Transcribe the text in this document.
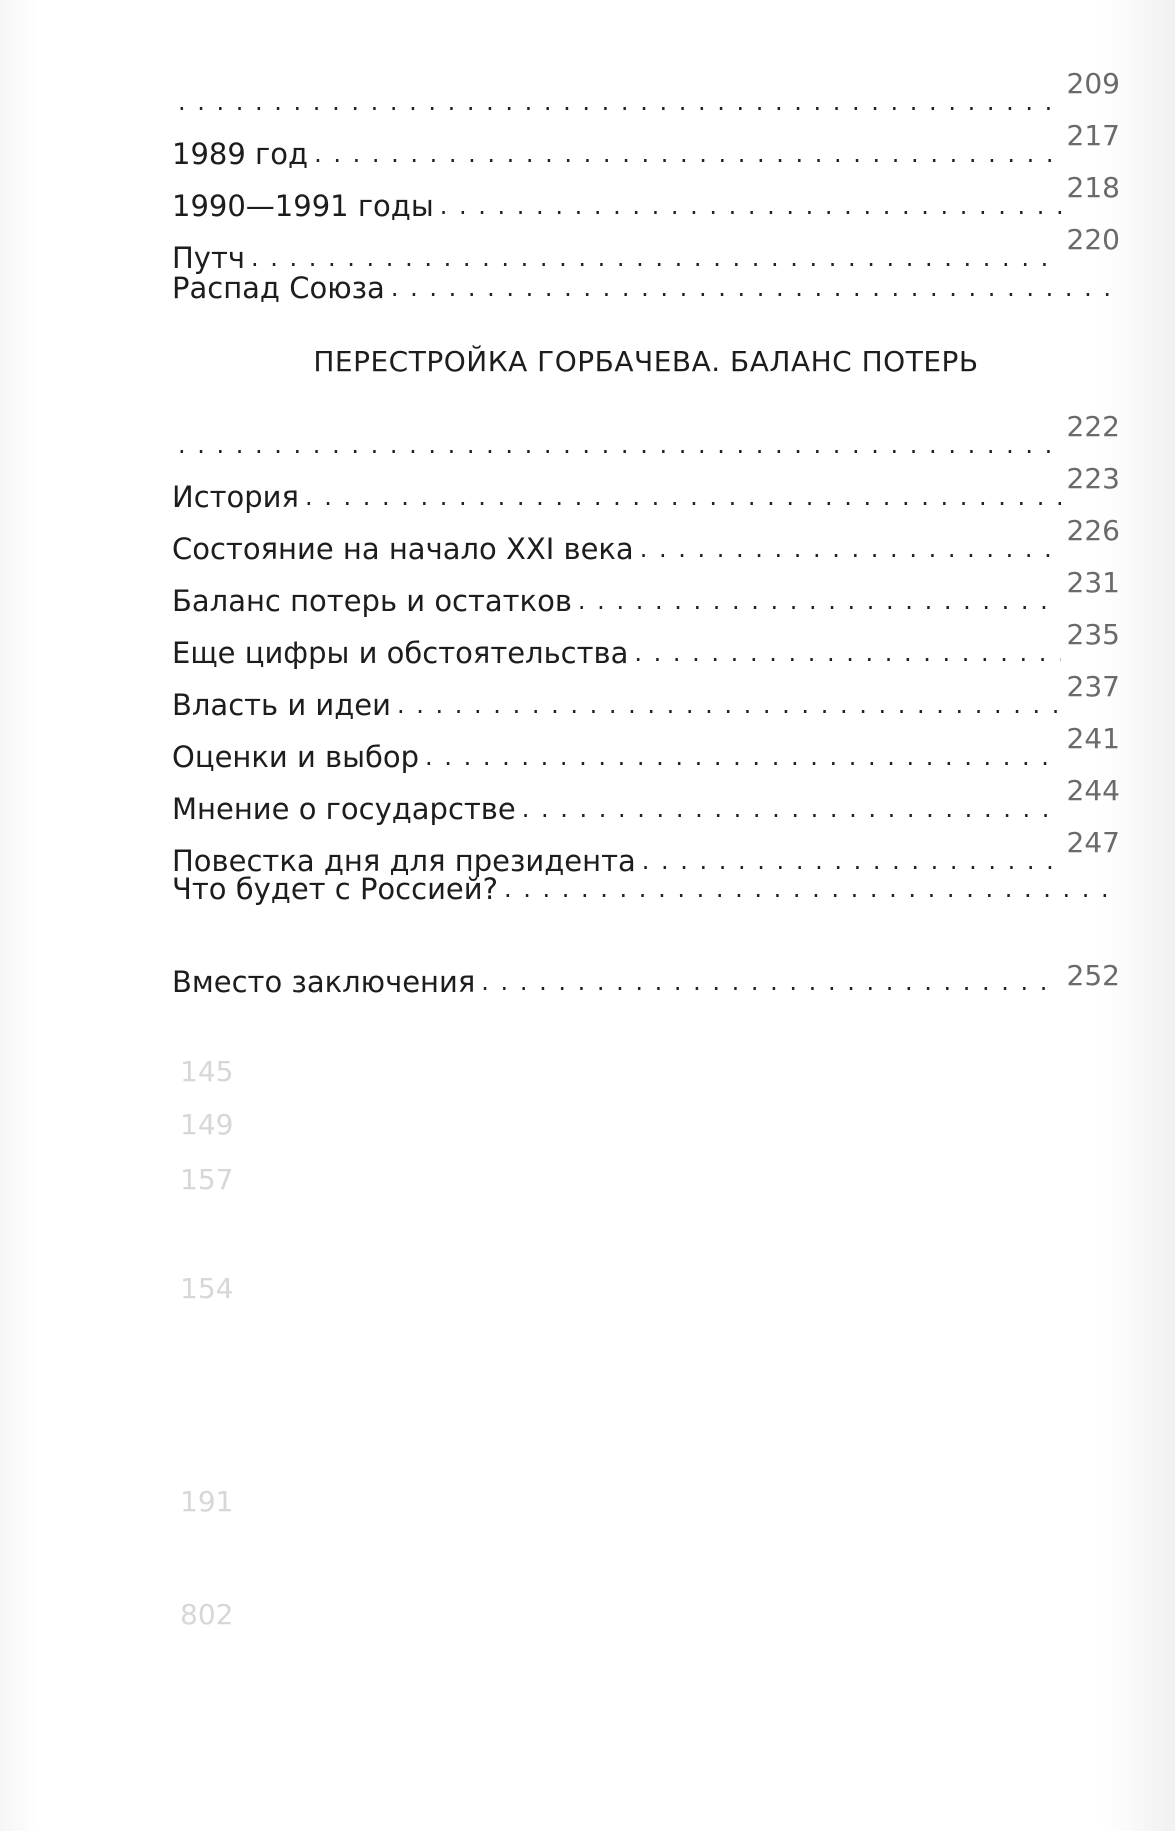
145
149
157
154
191
802
. . .
209
1989 год
. . .
217
1990—1991 годы
. . .
218
Путч
. . .
220
Распад Союза
. . .
ПЕРЕСТРОЙКА ГОРБАЧЕВА. БАЛАНС ПОТЕРЬ
. . .
222
История
. . .
223
Состояние на начало XXI века
. . .
226
Баланс потерь и остатков
. . .
231
Еще цифры и обстоятельства
. . .
235
Власть и идеи
. . .
237
Оценки и выбор
. . .
241
Мнение о государстве
. . .
244
Повестка дня для президента
. . .
247
Что будет с Россией?
. . .
Вместо заключения
. . .	252
